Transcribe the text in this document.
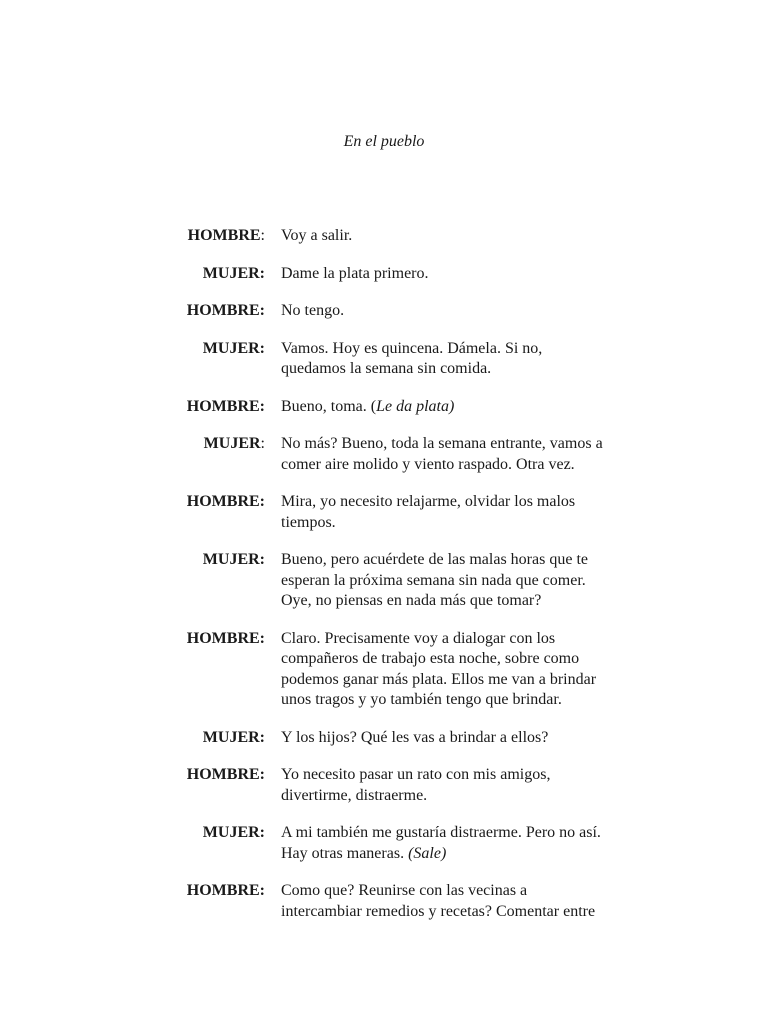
En el pueblo
HOMBRE: Voy a salir.
MUJER: Dame la plata primero.
HOMBRE: No tengo.
MUJER: Vamos. Hoy es quincena. Dámela. Si no,
quedamos la semana sin comida.
HOMBRE: Bueno, toma. (Le da plata)
MUJER: No más? Bueno, toda la semana entrante, vamos a
comer aire molido y viento raspado. Otra vez.
HOMBRE: Mira, yo necesito relajarme, olvidar los malos
tiempos.
MUJER: Bueno, pero acuérdete de las malas horas que te
esperan la próxima semana sin nada que comer.
Oye, no piensas en nada más que tomar?
HOMBRE: Claro. Precisamente voy a dialogar con los
compañeros de trabajo esta noche, sobre como
podemos ganar más plata. Ellos me van a brindar
unos tragos y yo también tengo que brindar.
MUJER: Y los hijos? Qué les vas a brindar a ellos?
HOMBRE: Yo necesito pasar un rato con mis amigos,
divertirme, distraerme.
MUJER: A mi también me gustaría distraerme. Pero no así.
Hay otras maneras. (Sale)
HOMBRE: Como que? Reunirse con las vecinas a
intercambiar remedios y recetas? Comentar entre
